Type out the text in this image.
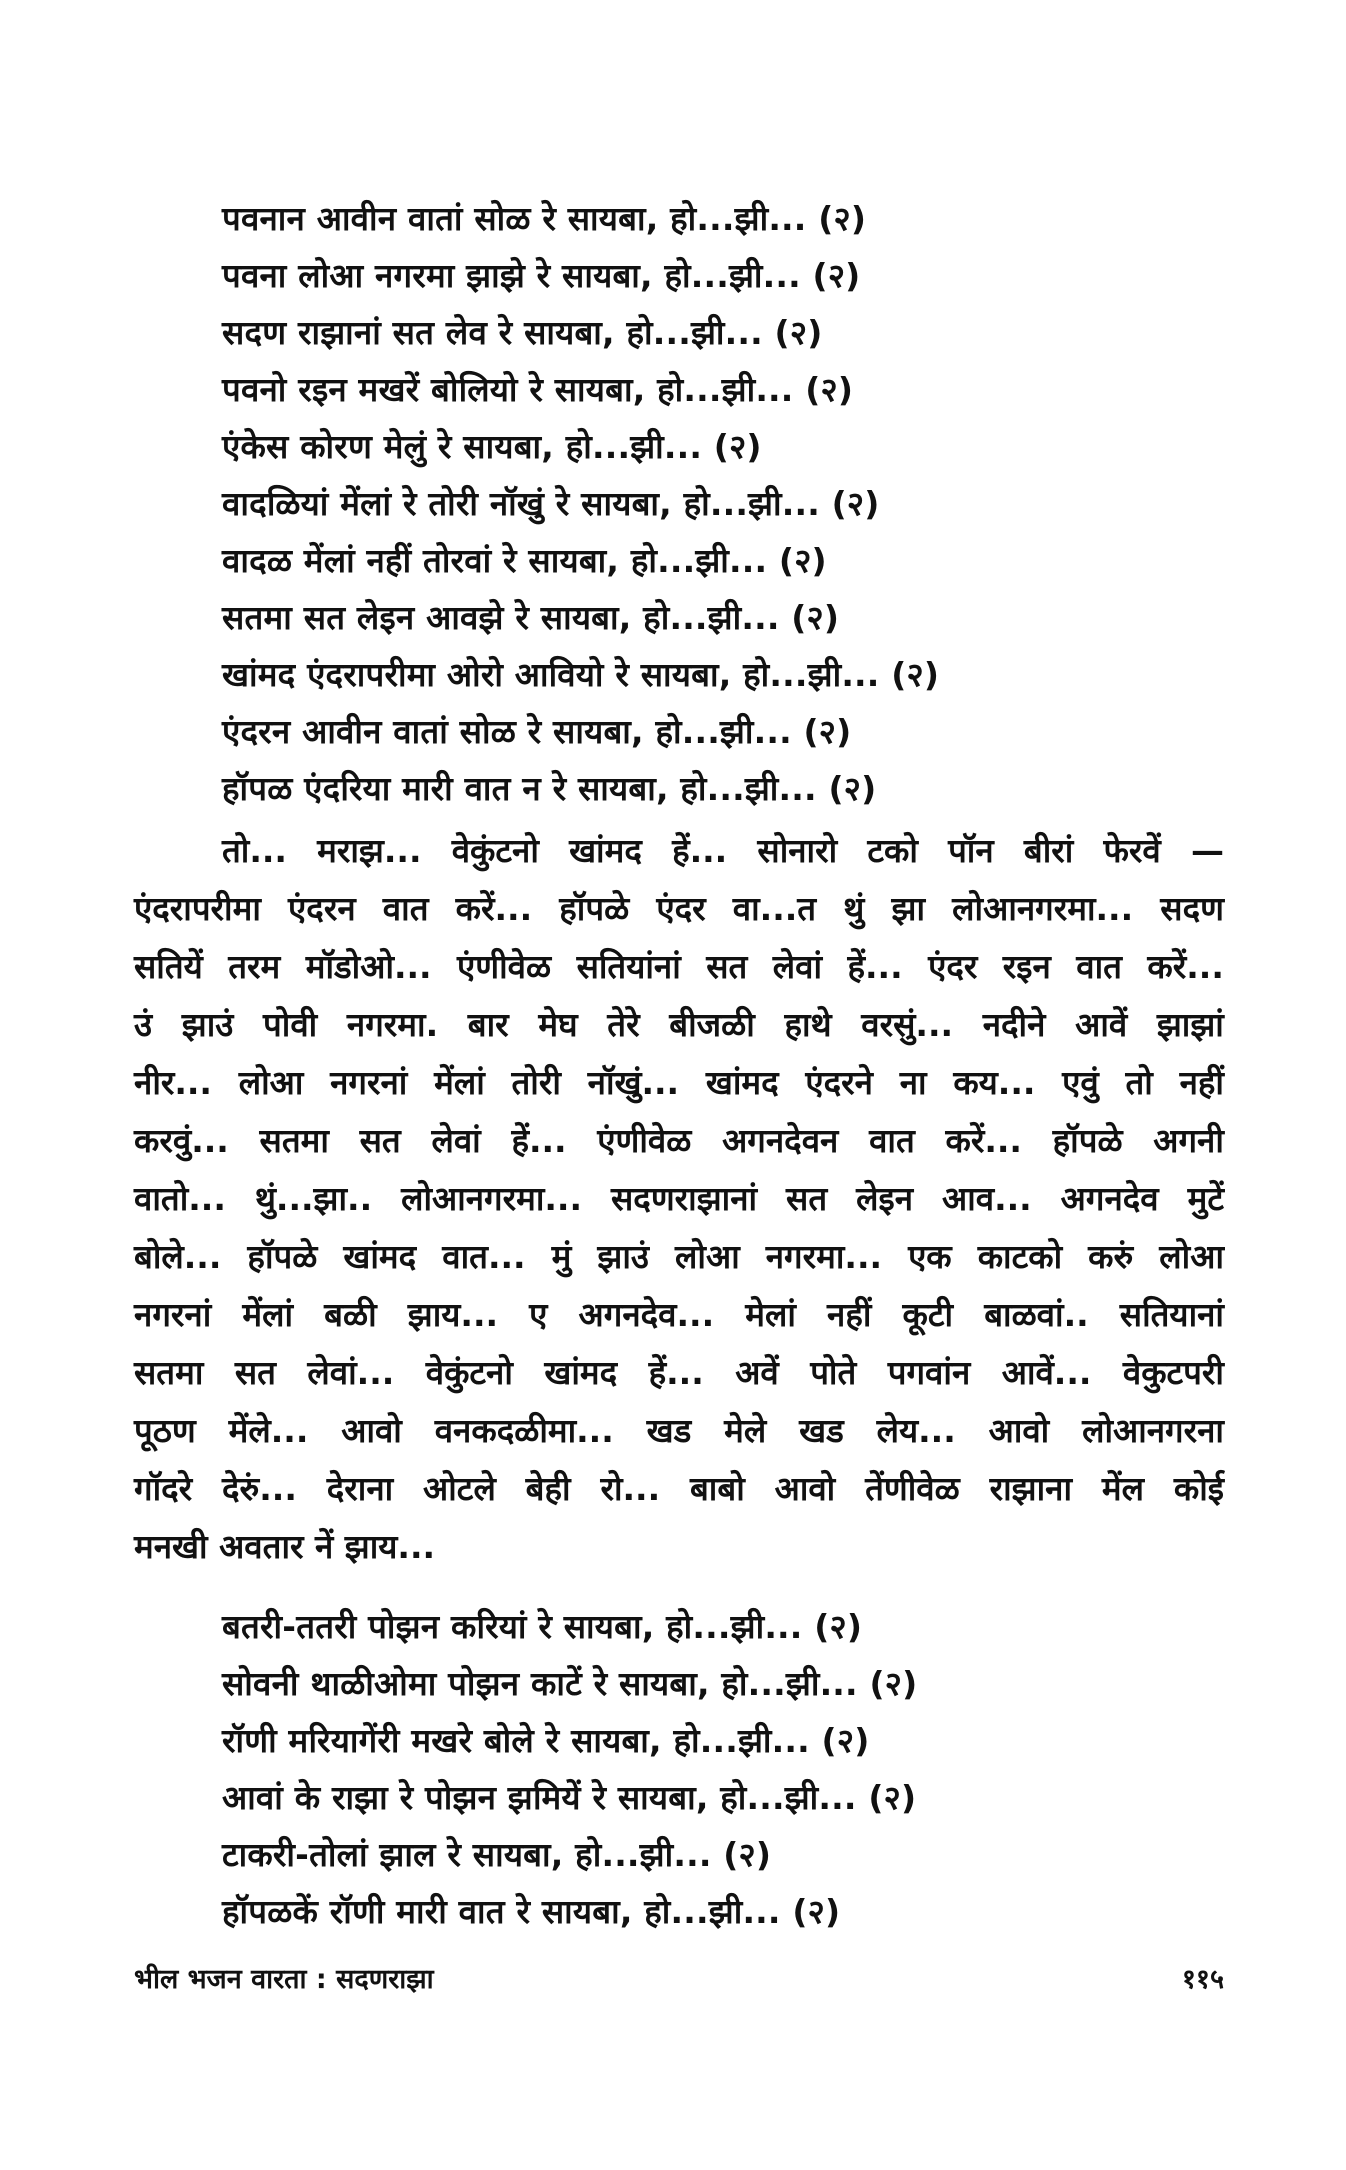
पवनान आवीन वातां सोळ रे सायबा, हो...झी... (२)
पवना लोआ नगरमा झाझे रे सायबा, हो...झी... (२)
सदण राझानां सत लेव रे सायबा, हो...झी... (२)
पवनो रइन मखरें बोलियो रे सायबा, हो...झी... (२)
एंकेस कोरण मेलुं रे सायबा, हो...झी... (२)
वादळियां मेंलां रे तोरी नॉखुं रे सायबा, हो...झी... (२)
वादळ मेंलां नहीं तोरवां रे सायबा, हो...झी... (२)
सतमा सत लेइन आवझे रे सायबा, हो...झी... (२)
खांमद एंदरापरीमा ओरो आवियो रे सायबा, हो...झी... (२)
एंदरन आवीन वातां सोळ रे सायबा, हो...झी... (२)
हॉपळ एंदरिया मारी वात न रे सायबा, हो...झी... (२)
तो... मराझ... वेकुंटनो खांमद हें... सोनारो टको पॉन बीरां फेरवें —
एंदरापरीमा एंदरन वात करें... हॉपळे एंदर वा...त थुं झा लोआनगरमा... सदण
सतियें तरम मॉडोओ... एंणीवेळ सतियांनां सत लेवां हें... एंदर रइन वात करें...
उं झाउं पोवी नगरमा. बार मेघ तेरे बीजळी हाथे वरसुं... नदीने आवें झाझां
नीर... लोआ नगरनां मेंलां तोरी नॉखुं... खांमद एंदरने ना कय... एवुं तो नहीं
करवुं... सतमा सत लेवां हें... एंणीवेळ अगनदेवन वात करें... हॉपळे अगनी
वातो... थुं...झा.. लोआनगरमा... सदणराझानां सत लेइन आव... अगनदेव मुटें
बोले... हॉपळे खांमद वात... मुं झाउं लोआ नगरमा... एक काटको करुं लोआ
नगरनां मेंलां बळी झाय... ए अगनदेव... मेलां नहीं कूटी बाळवां.. सतियानां
सतमा सत लेवां... वेकुंटनो खांमद हें... अवें पोते पगवांन आवें... वेकुटपरी
पूठण मेंले... आवो वनकदळीमा... खड मेले खड लेय... आवो लोआनगरना
गॉदरे देरुं... देराना ओटले बेही रो... बाबो आवो तेंणीवेळ राझाना मेंल कोई
मनखी अवतार नें झाय...
बतरी-ततरी पोझन करियां रे सायबा, हो...झी... (२)
सोवनी थाळीओमा पोझन काटें रे सायबा, हो...झी... (२)
रॉणी मरियागेंरी मखरे बोले रे सायबा, हो...झी... (२)
आवां के राझा रे पोझन झमियें रे सायबा, हो...झी... (२)
टाकरी-तोलां झाल रे सायबा, हो...झी... (२)
हॉपळकें रॉणी मारी वात रे सायबा, हो...झी... (२)
भील भजन वारता : सदणराझा	११५
